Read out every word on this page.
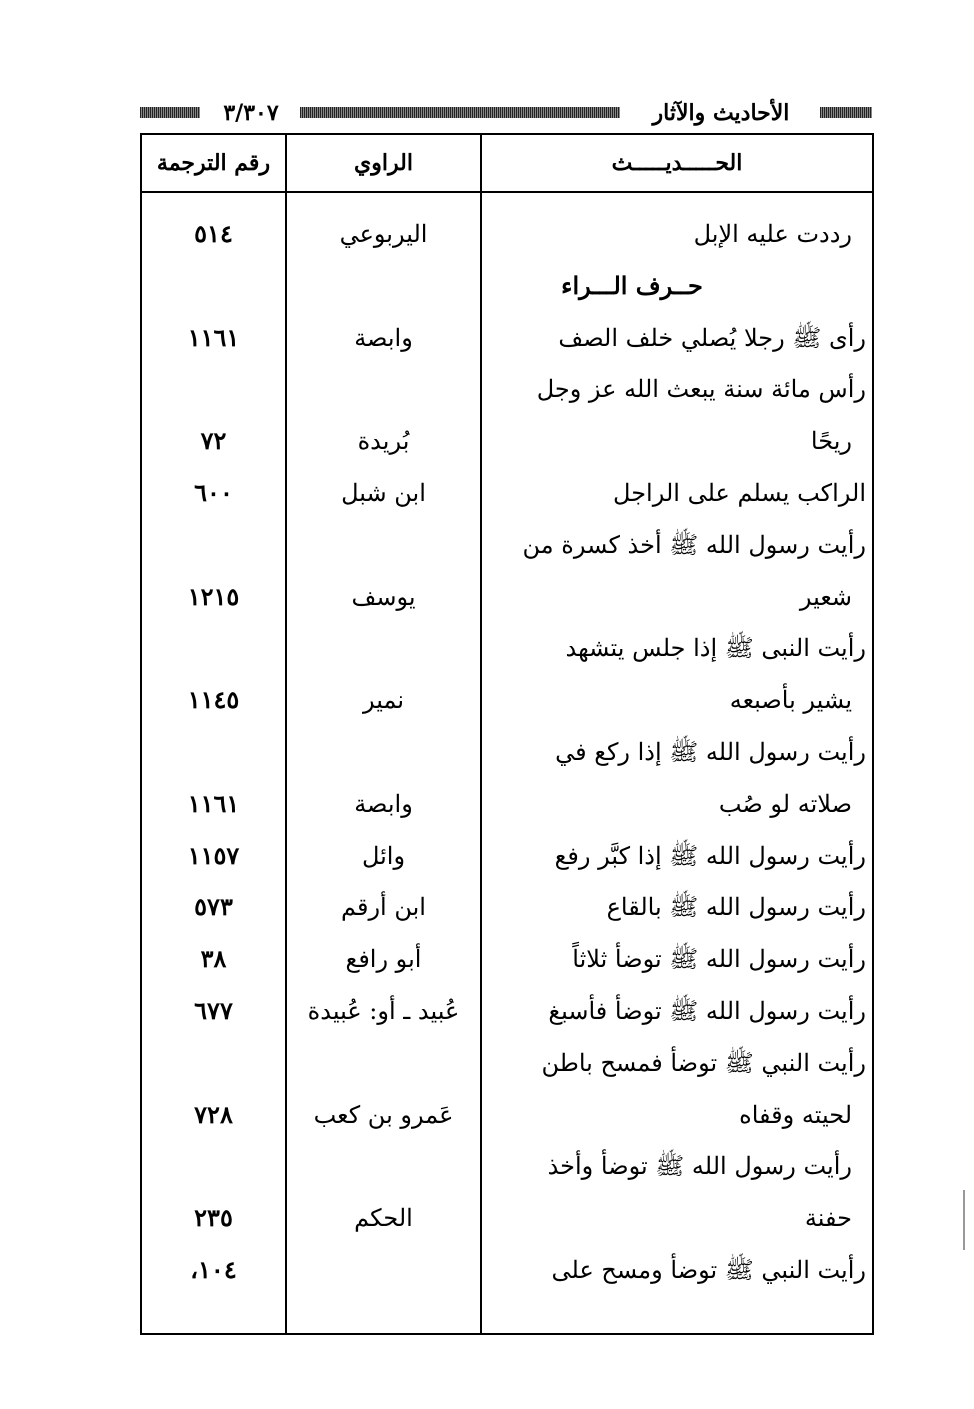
٣/٣٠٧	الأحاديث والآثار
الحـــــديـــــث
الراوي
رقم الترجمة
رددت عليه الإبل
اليربوعي
٥١٤
حــرف الـــراء
رأى ﷺ رجلا يُصلي خلف الصف
وابصة
١١٦١
رأس مائة سنة يبعث الله عز وجل
ريحًا
بُريدة
٧٢
الراكب يسلم على الراجل
ابن شبل
٦٠٠
رأيت رسول الله ﷺ أخذ كسرة من
شعير
يوسف
١٢١٥
رأيت النبى ﷺ إذا جلس يتشهد
يشير بأصبعه
نمير
١١٤٥
رأيت رسول الله ﷺ إذا ركع في
صلاته لو صُب
وابصة
١١٦١
رأيت رسول الله ﷺ إذا كبَّر رفع
وائل
١١٥٧
رأيت رسول الله ﷺ بالقاع
ابن أرقم
٥٧٣
رأيت رسول الله ﷺ توضأ ثلاثاً
أبو رافع
٣٨
رأيت رسول الله ﷺ توضأ فأسبغ
عُبيد ـ أو: عُبيدة
٦٧٧
رأيت النبي ﷺ توضأ فمسح باطن
لحيته وقفاه
عَمرو بن كعب
٧٢٨
رأيت رسول الله ﷺ توضأ وأخذ
حفنة
الحكم
٢٣٥
رأيت النبي ﷺ توضأ ومسح على
١٠٤،
